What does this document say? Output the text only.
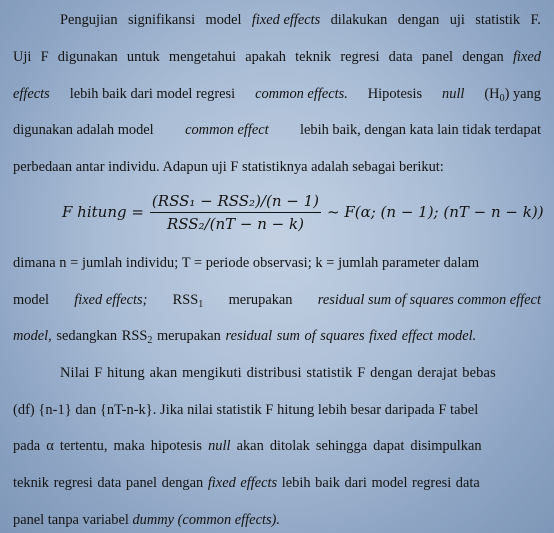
Pengujian signifikansi model fixed effects dilakukan dengan uji statistik F.
Uji F digunakan untuk mengetahui apakah teknik regresi data panel dengan fixed
effects lebih baik dari model regresi common effects. Hipotesis null $(H_0)$ yang
digunakan adalah model common effect lebih baik, dengan kata lain tidak terdapat
perbedaan antar individu. Adapun uji F statistiknya adalah sebagai berikut:
F hitung = $\frac{\text{(RSS₁ − RSS₂)/(n − 1)}}{\text{RSS₂/(nT − n − k)}}$ ~ F(α; (n − 1); (nT − n − k))
dimana n = jumlah individu; T = periode observasi; k = jumlah parameter dalam
model fixed effects; $RSS_1$ merupakan residual sum of squares common effect
model, sedangkan $RSS_2$ merupakan residual sum of squares fixed effect model.
Nilai F hitung akan mengikuti distribusi statistik F dengan derajat bebas
(df) {n-1} dan {nT-n-k}. Jika nilai statistik F hitung lebih besar daripada F tabel
pada α tertentu, maka hipotesis null akan ditolak sehingga dapat disimpulkan
teknik regresi data panel dengan fixed effects lebih baik dari model regresi data
panel tanpa variabel dummy (common effects).
